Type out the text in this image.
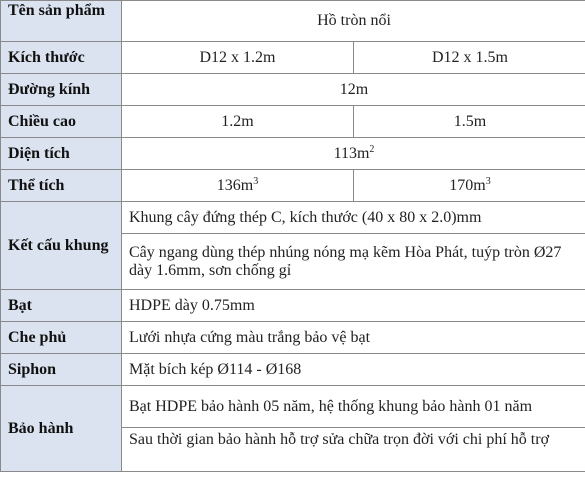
Tên sản phẩm	Hồ tròn nổi	
Kích thước	D12 x 1.2m	D12 x 1.5m
Đường kính	12m	
Chiều cao	1.2m	1.5m
Diện tích	$113m^2$
Thể tích	$136m^3$	$170m^3$
Kết cấu khung	Khung cây đứng thép C, kích thước (40 x 80 x 2.0)mm	
	Cây ngang dùng thép nhúng nóng mạ kẽm Hòa Phát, tuýp tròn Ø27 dày 1.6mm, sơn chống gỉ	
Bạt	HDPE dày 0.75mm	
Che phủ	Lưới nhựa cứng màu trắng bảo vệ bạt	
Siphon	Mặt bích kép Ø114 - Ø168	
Bảo hành	Bạt HDPE bảo hành 05 năm, hệ thống khung bảo hành 01 năm	
	Sau thời gian bảo hành hỗ trợ sửa chữa trọn đời với chi phí hỗ trợ	
